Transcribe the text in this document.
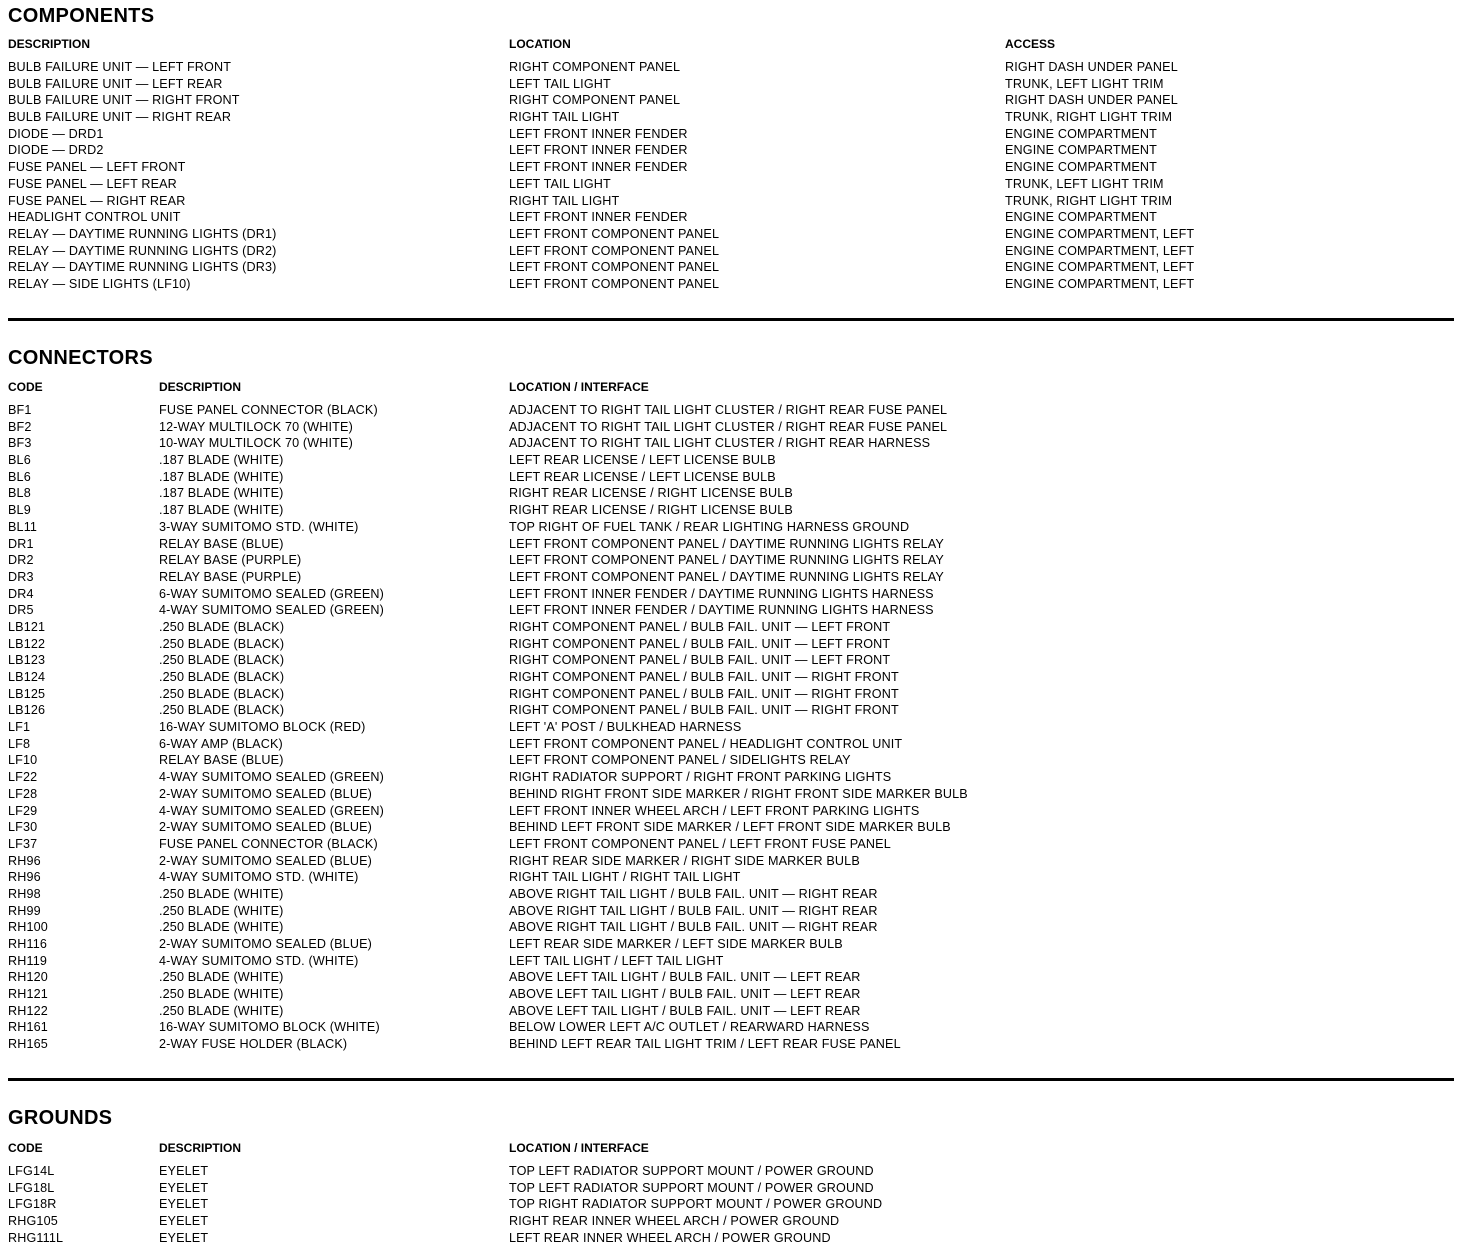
COMPONENTS
DESCRIPTION	LOCATION	ACCESS
BULB FAILURE UNIT — LEFT FRONT	RIGHT COMPONENT PANEL	RIGHT DASH UNDER PANEL
BULB FAILURE UNIT — LEFT REAR	LEFT TAIL LIGHT	TRUNK, LEFT LIGHT TRIM
BULB FAILURE UNIT — RIGHT FRONT	RIGHT COMPONENT PANEL	RIGHT DASH UNDER PANEL
BULB FAILURE UNIT — RIGHT REAR	RIGHT TAIL LIGHT	TRUNK, RIGHT LIGHT TRIM
DIODE — DRD1	LEFT FRONT INNER FENDER	ENGINE COMPARTMENT
DIODE — DRD2	LEFT FRONT INNER FENDER	ENGINE COMPARTMENT
FUSE PANEL — LEFT FRONT	LEFT FRONT INNER FENDER	ENGINE COMPARTMENT
FUSE PANEL — LEFT REAR	LEFT TAIL LIGHT	TRUNK, LEFT LIGHT TRIM
FUSE PANEL — RIGHT REAR	RIGHT TAIL LIGHT	TRUNK, RIGHT LIGHT TRIM
HEADLIGHT CONTROL UNIT	LEFT FRONT INNER FENDER	ENGINE COMPARTMENT
RELAY — DAYTIME RUNNING LIGHTS (DR1)	LEFT FRONT COMPONENT PANEL	ENGINE COMPARTMENT, LEFT
RELAY — DAYTIME RUNNING LIGHTS (DR2)	LEFT FRONT COMPONENT PANEL	ENGINE COMPARTMENT, LEFT
RELAY — DAYTIME RUNNING LIGHTS (DR3)	LEFT FRONT COMPONENT PANEL	ENGINE COMPARTMENT, LEFT
RELAY — SIDE LIGHTS (LF10)	LEFT FRONT COMPONENT PANEL	ENGINE COMPARTMENT, LEFT
CONNECTORS
CODE	DESCRIPTION	LOCATION / INTERFACE
BF1	FUSE PANEL CONNECTOR (BLACK)	ADJACENT TO RIGHT TAIL LIGHT CLUSTER / RIGHT REAR FUSE PANEL
BF2	12-WAY MULTILOCK 70 (WHITE)	ADJACENT TO RIGHT TAIL LIGHT CLUSTER / RIGHT REAR FUSE PANEL
BF3	10-WAY MULTILOCK 70 (WHITE)	ADJACENT TO RIGHT TAIL LIGHT CLUSTER / RIGHT REAR HARNESS
BL6	.187 BLADE (WHITE)	LEFT REAR LICENSE / LEFT LICENSE BULB
BL6	.187 BLADE (WHITE)	LEFT REAR LICENSE / LEFT LICENSE BULB
BL8	.187 BLADE (WHITE)	RIGHT REAR LICENSE / RIGHT LICENSE BULB
BL9	.187 BLADE (WHITE)	RIGHT REAR LICENSE / RIGHT LICENSE BULB
BL11	3-WAY SUMITOMO STD. (WHITE)	TOP RIGHT OF FUEL TANK / REAR LIGHTING HARNESS GROUND
DR1	RELAY BASE (BLUE)	LEFT FRONT COMPONENT PANEL / DAYTIME RUNNING LIGHTS RELAY
DR2	RELAY BASE (PURPLE)	LEFT FRONT COMPONENT PANEL / DAYTIME RUNNING LIGHTS RELAY
DR3	RELAY BASE (PURPLE)	LEFT FRONT COMPONENT PANEL / DAYTIME RUNNING LIGHTS RELAY
DR4	6-WAY SUMITOMO SEALED (GREEN)	LEFT FRONT INNER FENDER / DAYTIME RUNNING LIGHTS HARNESS
DR5	4-WAY SUMITOMO SEALED (GREEN)	LEFT FRONT INNER FENDER / DAYTIME RUNNING LIGHTS HARNESS
LB121	.250 BLADE (BLACK)	RIGHT COMPONENT PANEL / BULB FAIL. UNIT — LEFT FRONT
LB122	.250 BLADE (BLACK)	RIGHT COMPONENT PANEL / BULB FAIL. UNIT — LEFT FRONT
LB123	.250 BLADE (BLACK)	RIGHT COMPONENT PANEL / BULB FAIL. UNIT — LEFT FRONT
LB124	.250 BLADE (BLACK)	RIGHT COMPONENT PANEL / BULB FAIL. UNIT — RIGHT FRONT
LB125	.250 BLADE (BLACK)	RIGHT COMPONENT PANEL / BULB FAIL. UNIT — RIGHT FRONT
LB126	.250 BLADE (BLACK)	RIGHT COMPONENT PANEL / BULB FAIL. UNIT — RIGHT FRONT
LF1	16-WAY SUMITOMO BLOCK (RED)	LEFT 'A' POST / BULKHEAD HARNESS
LF8	6-WAY AMP (BLACK)	LEFT FRONT COMPONENT PANEL / HEADLIGHT CONTROL UNIT
LF10	RELAY BASE (BLUE)	LEFT FRONT COMPONENT PANEL / SIDELIGHTS RELAY
LF22	4-WAY SUMITOMO SEALED (GREEN)	RIGHT RADIATOR SUPPORT / RIGHT FRONT PARKING LIGHTS
LF28	2-WAY SUMITOMO SEALED (BLUE)	BEHIND RIGHT FRONT SIDE MARKER / RIGHT FRONT SIDE MARKER BULB
LF29	4-WAY SUMITOMO SEALED (GREEN)	LEFT FRONT INNER WHEEL ARCH / LEFT FRONT PARKING LIGHTS
LF30	2-WAY SUMITOMO SEALED (BLUE)	BEHIND LEFT FRONT SIDE MARKER / LEFT FRONT SIDE MARKER BULB
LF37	FUSE PANEL CONNECTOR (BLACK)	LEFT FRONT COMPONENT PANEL / LEFT FRONT FUSE PANEL
RH96	2-WAY SUMITOMO SEALED (BLUE)	RIGHT REAR SIDE MARKER / RIGHT SIDE MARKER BULB
RH96	4-WAY SUMITOMO STD. (WHITE)	RIGHT TAIL LIGHT / RIGHT TAIL LIGHT
RH98	.250 BLADE (WHITE)	ABOVE RIGHT TAIL LIGHT / BULB FAIL. UNIT — RIGHT REAR
RH99	.250 BLADE (WHITE)	ABOVE RIGHT TAIL LIGHT / BULB FAIL. UNIT — RIGHT REAR
RH100	.250 BLADE (WHITE)	ABOVE RIGHT TAIL LIGHT / BULB FAIL. UNIT — RIGHT REAR
RH116	2-WAY SUMITOMO SEALED (BLUE)	LEFT REAR SIDE MARKER / LEFT SIDE MARKER BULB
RH119	4-WAY SUMITOMO STD. (WHITE)	LEFT TAIL LIGHT / LEFT TAIL LIGHT
RH120	.250 BLADE (WHITE)	ABOVE LEFT TAIL LIGHT / BULB FAIL. UNIT — LEFT REAR
RH121	.250 BLADE (WHITE)	ABOVE LEFT TAIL LIGHT / BULB FAIL. UNIT — LEFT REAR
RH122	.250 BLADE (WHITE)	ABOVE LEFT TAIL LIGHT / BULB FAIL. UNIT — LEFT REAR
RH161	16-WAY SUMITOMO BLOCK (WHITE)	BELOW LOWER LEFT A/C OUTLET / REARWARD HARNESS
RH165	2-WAY FUSE HOLDER (BLACK)	BEHIND LEFT REAR TAIL LIGHT TRIM / LEFT REAR FUSE PANEL
GROUNDS
CODE	DESCRIPTION	LOCATION / INTERFACE
LFG14L	EYELET	TOP LEFT RADIATOR SUPPORT MOUNT / POWER GROUND
LFG18L	EYELET	TOP LEFT RADIATOR SUPPORT MOUNT / POWER GROUND
LFG18R	EYELET	TOP RIGHT RADIATOR SUPPORT MOUNT / POWER GROUND
RHG105	EYELET	RIGHT REAR INNER WHEEL ARCH / POWER GROUND
RHG111L	EYELET	LEFT REAR INNER WHEEL ARCH / POWER GROUND
